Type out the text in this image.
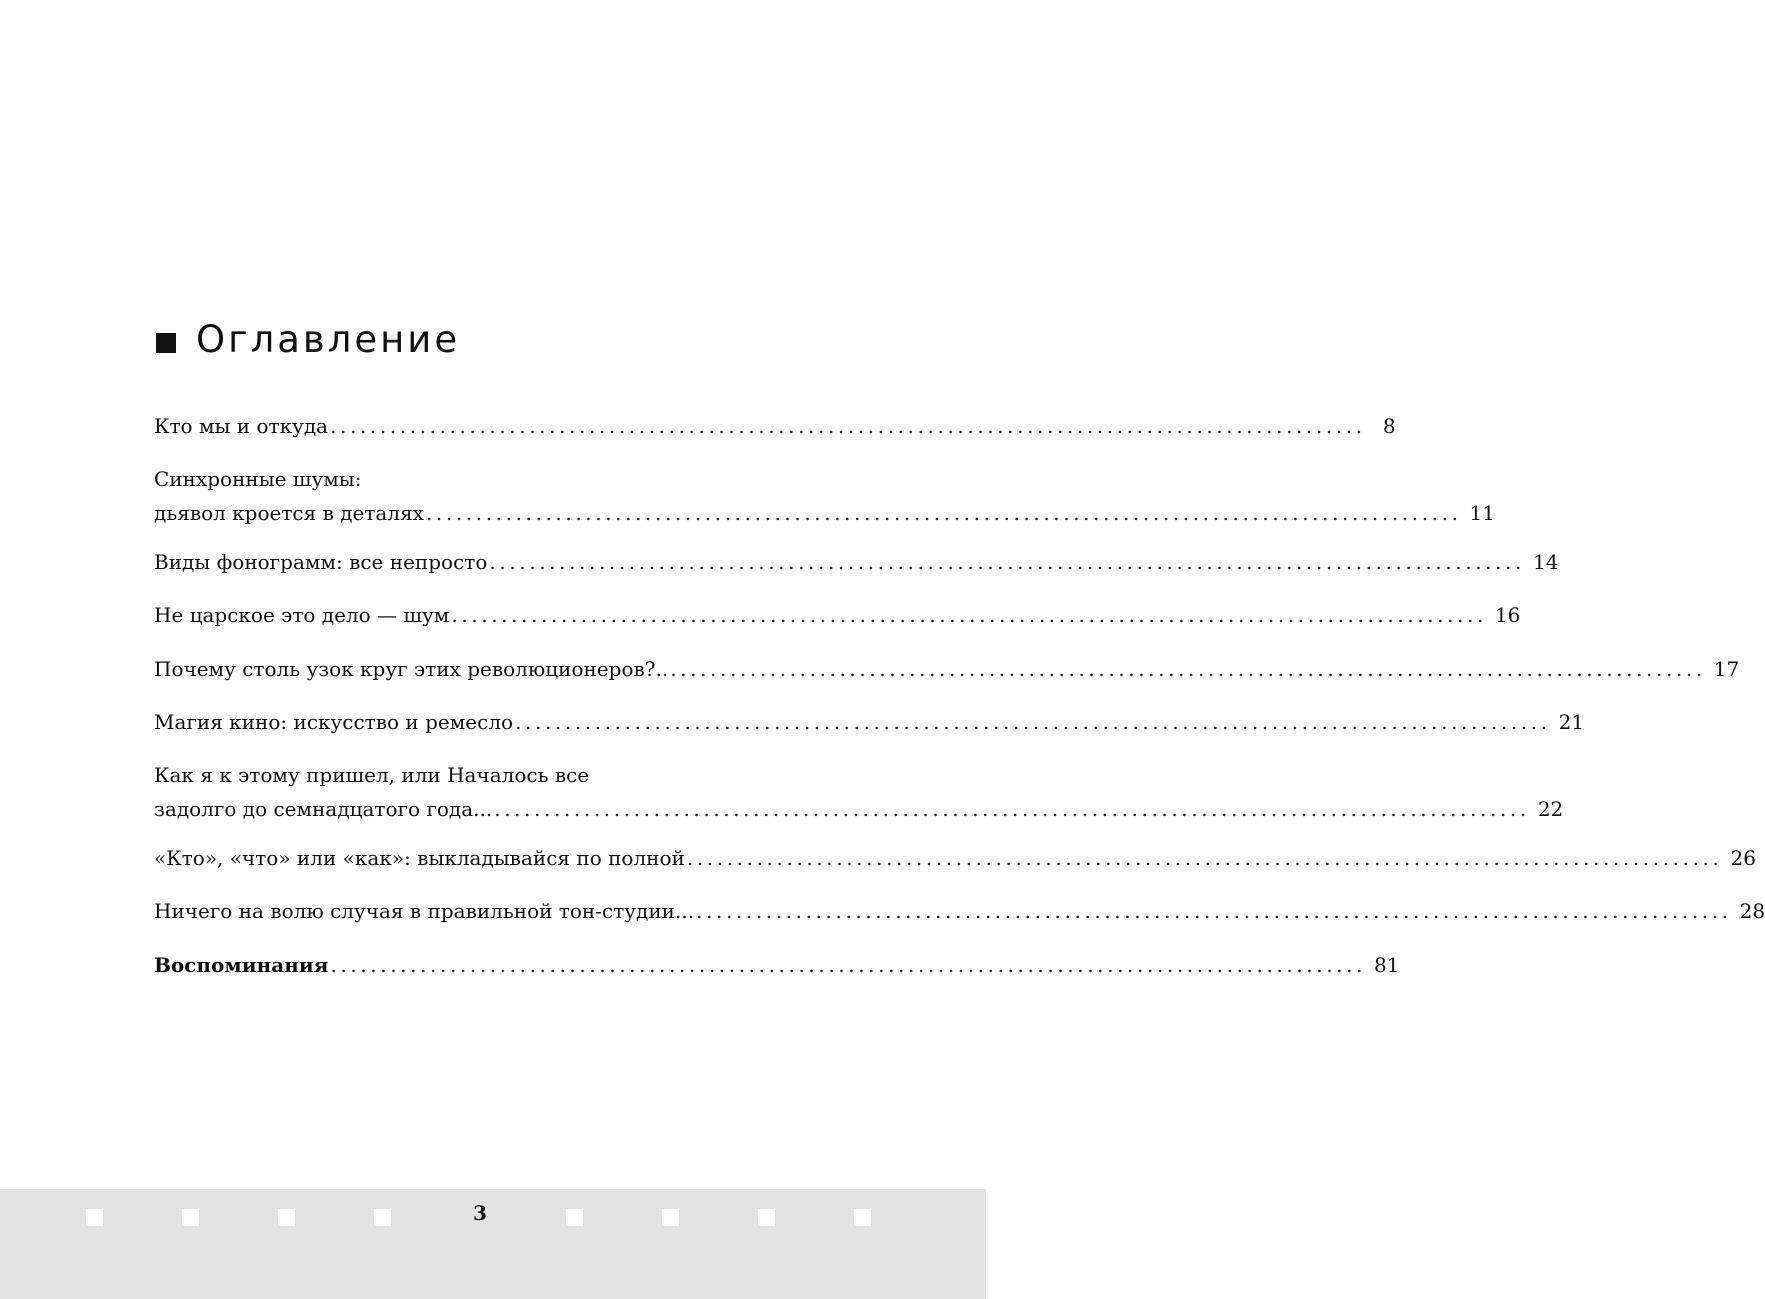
Оглавление
Кто мы и откуда ........................................................................................................ 8
Синхронные шумы:
дьявол кроется в деталях ........................................................................................................ 11
Виды фонограмм: все непросто ........................................................................................................ 14
Не царское это дело — шум ........................................................................................................ 16
Почему столь узок круг этих революционеров?.. ........................................................................................................ 17
Магия кино: искусство и ремесло ........................................................................................................ 21
Как я к этому пришел, или Началось все
задолго до семнадцатого года... ........................................................................................................ 22
«Кто», «что» или «как»: выкладывайся по полной ........................................................................................................ 26
Ничего на волю случая в правильной тон-студии... ........................................................................................................ 28
Воспоминания ........................................................................................................ 81
3
